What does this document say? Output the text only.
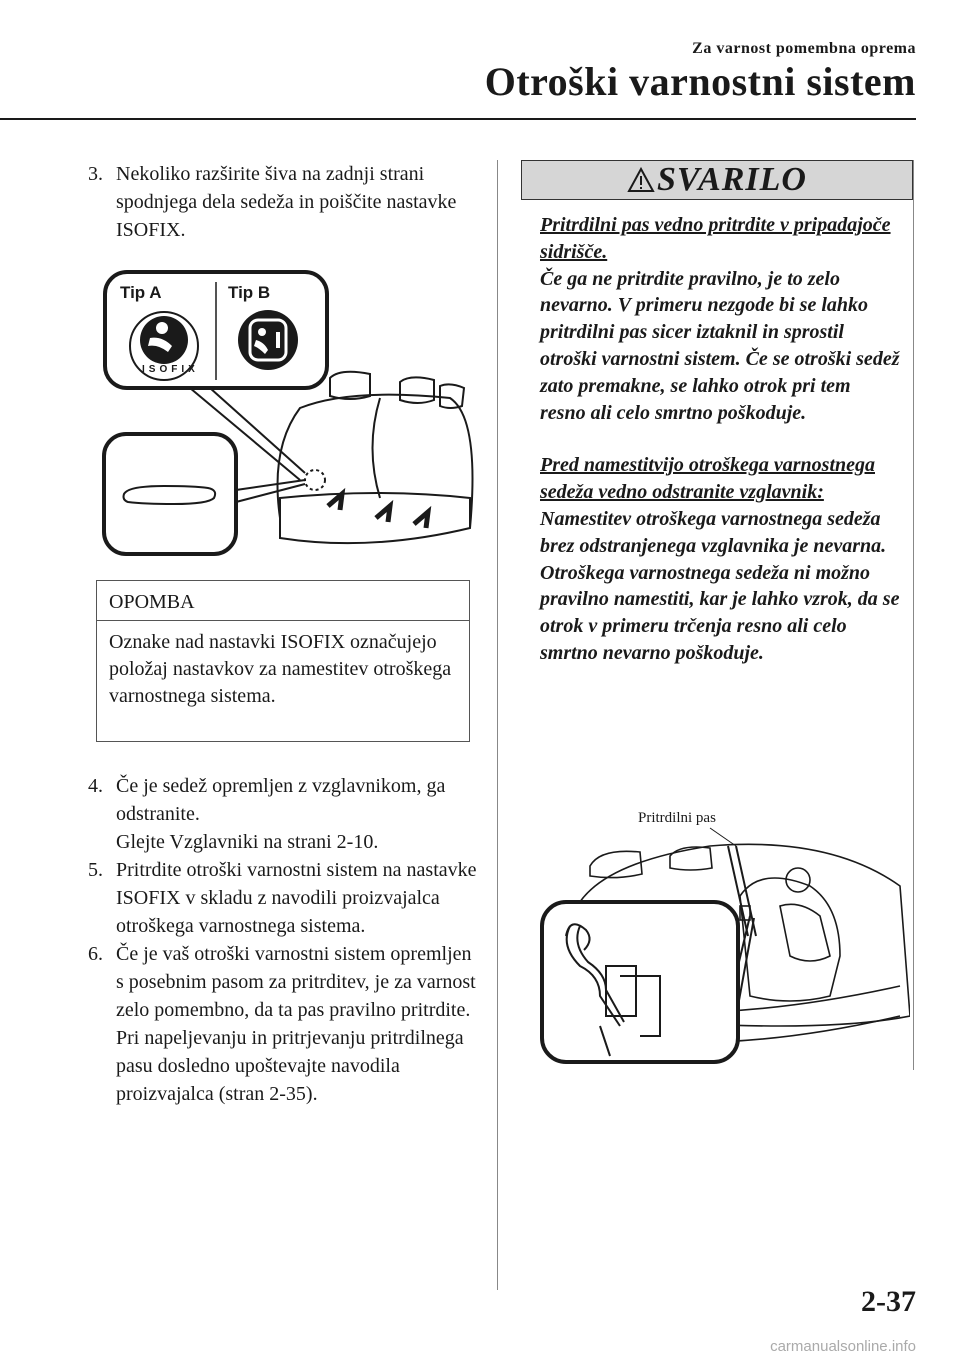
Za varnost pomembna oprema
Otroški varnostni sistem
3. Nekoliko razširite šiva na zadnji strani spodnjega dela sedeža in poiščite nastavke ISOFIX.
Tip A	Tip B
ISOFIX
OPOMBA
Oznake nad nastavki ISOFIX označujejo položaj nastavkov za namestitev otroškega varnostnega sistema.
4. Če je sedež opremljen z vzglavnikom, ga odstranite.
Glejte Vzglavniki na strani 2-10.
5. Pritrdite otroški varnostni sistem na nastavke ISOFIX v skladu z navodili proizvajalca otroškega varnostnega sistema.
6. Če je vaš otroški varnostni sistem opremljen s posebnim pasom za pritrditev, je za varnost zelo pomembno, da ta pas pravilno pritrdite. Pri napeljevanju in pritrjevanju pritrdilnega pasu dosledno upoštevajte navodila proizvajalca (stran 2-35).
SVARILO

Pritrdilni pas vedno pritrdite v pripadajoče sidrišče.
Če ga ne pritrdite pravilno, je to zelo nevarno. V primeru nezgode bi se lahko pritrdilni pas sicer iztaknil in sprostil otroški varnostni sistem. Če se otroški sedež zato premakne, se lahko otrok pri tem resno ali celo smrtno poškoduje.

Pred namestitvijo otroškega varnostnega sedeža vedno odstranite vzglavnik:
Namestitev otroškega varnostnega sedeža brez odstranjenega vzglavnika je nevarna. Otroškega varnostnega sedeža ni možno pravilno namestiti, kar je lahko vzrok, da se otrok v primeru trčenja resno ali celo smrtno nevarno poškoduje.

Pritrdilni pas
2-37
carmanualsonline.info
